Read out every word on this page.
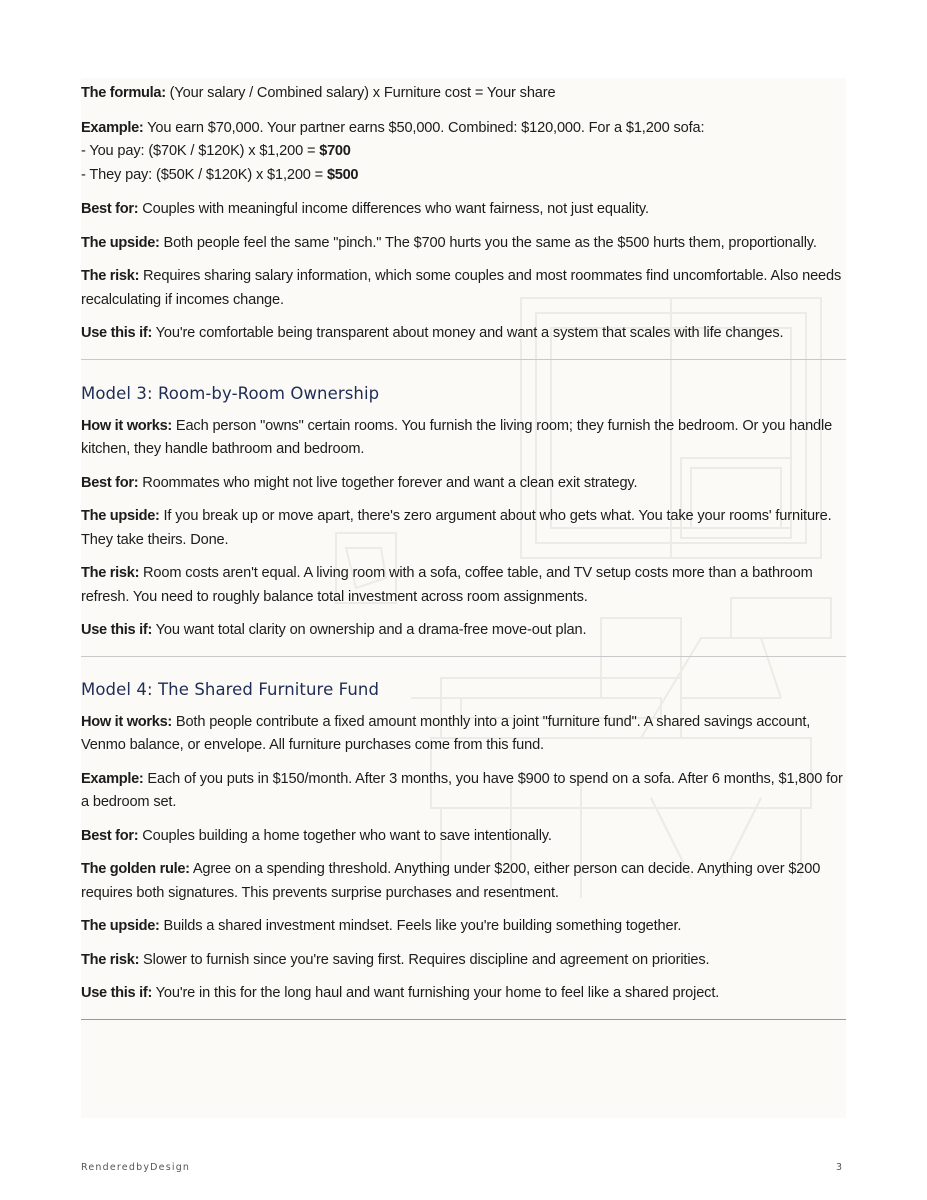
The formula: (Your salary / Combined salary) x Furniture cost = Your share

Example: You earn $70,000. Your partner earns $50,000. Combined: $120,000. For a $1,200 sofa:

- You pay: ($70K / $120K) x $1,200 = $700

- They pay: ($50K / $120K) x $1,200 = $500

Best for: Couples with meaningful income differences who want fairness, not just equality.

The upside: Both people feel the same "pinch." The $700 hurts you the same as the $500 hurts them, proportionally.

The risk: Requires sharing salary information, which some couples and most roommates find uncomfortable. Also needs recalculating if incomes change.

Use this if: You're comfortable being transparent about money and want a system that scales with life changes.

Model 3: Room-by-Room Ownership

How it works: Each person "owns" certain rooms. You furnish the living room; they furnish the bedroom. Or you handle kitchen, they handle bathroom and bedroom.

Best for: Roommates who might not live together forever and want a clean exit strategy.

The upside: If you break up or move apart, there's zero argument about who gets what. You take your rooms' furniture. They take theirs. Done.

The risk: Room costs aren't equal. A living room with a sofa, coffee table, and TV setup costs more than a bathroom refresh. You need to roughly balance total investment across room assignments.

Use this if: You want total clarity on ownership and a drama-free move-out plan.

Model 4: The Shared Furniture Fund

How it works: Both people contribute a fixed amount monthly into a joint "furniture fund". A shared savings account, Venmo balance, or envelope. All furniture purchases come from this fund.

Example: Each of you puts in $150/month. After 3 months, you have $900 to spend on a sofa. After 6 months, $1,800 for a bedroom set.

Best for: Couples building a home together who want to save intentionally.

The golden rule: Agree on a spending threshold. Anything under $200, either person can decide. Anything over $200 requires both signatures. This prevents surprise purchases and resentment.

The upside: Builds a shared investment mindset. Feels like you're building something together.

The risk: Slower to furnish since you're saving first. Requires discipline and agreement on priorities.

Use this if: You're in this for the long haul and want furnishing your home to feel like a shared project.

RenderedbyDesign	3
